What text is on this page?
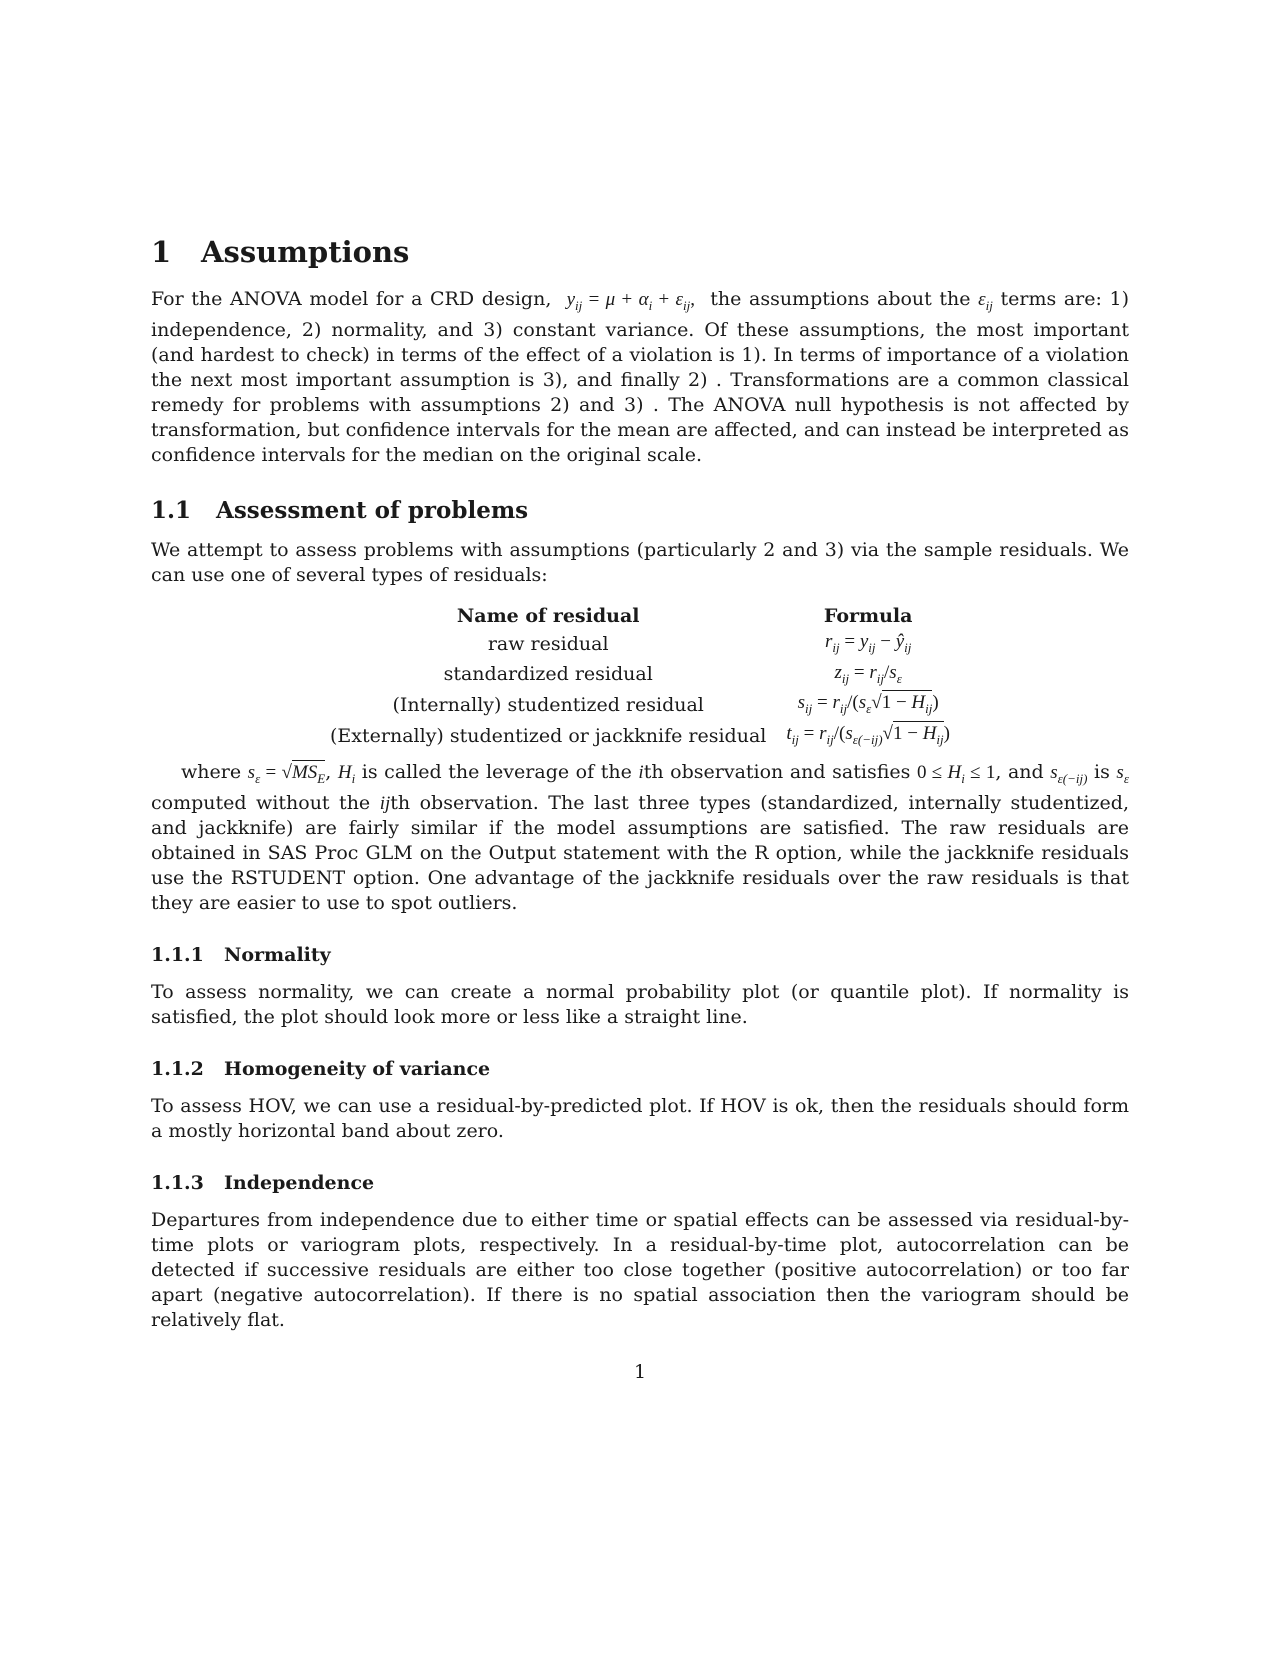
1 Assumptions

For the ANOVA model for a CRD design, $y_{ij} = \mu + \alpha_i + \varepsilon_{ij}$, the assumptions about the $\varepsilon_{ij}$ terms are: 1) independence, 2) normality, and 3) constant variance. Of these assumptions, the most important (and hardest to check) in terms of the effect of a violation is 1). In terms of importance of a violation the next most important assumption is 3), and finally 2) . Transformations are a common classical remedy for problems with assumptions 2) and 3) . The ANOVA null hypothesis is not affected by transformation, but confidence intervals for the mean are affected, and can instead be interpreted as confidence intervals for the median on the original scale.

1.1 Assessment of problems

We attempt to assess problems with assumptions (particularly 2 and 3) via the sample residuals. We can use one of several types of residuals:

Name of residual	Formula
raw residual	$r_{ij} = y_{ij}$ − $ŷ_{ij}$
standardized residual	$z_{ij} = r_{ij}/s_\varepsilon$
(Internally) studentized residual	$s_{ij} = r_{ij}/(s_\varepsilon√1 - H_{ij})$
(Externally) studentized or jackknife residual	$t_{ij} = r_{ij}/(s_{\varepsilon(-ij)}√1 - H_{ij})$

where $s_\varepsilon = √MS_E$, $H_i$ is called the leverage of the ith observation and satisfies $0 \le H_i \le 1$, and $s_{\varepsilon(-ij)}$ is $s_\varepsilon$ computed without the ijth observation. The last three types (standardized, internally studentized, and jackknife) are fairly similar if the model assumptions are satisfied. The raw residuals are obtained in SAS Proc GLM on the Output statement with the R option, while the jackknife residuals use the RSTUDENT option. One advantage of the jackknife residuals over the raw residuals is that they are easier to use to spot outliers.

1.1.1 Normality

To assess normality, we can create a normal probability plot (or quantile plot). If normality is satisfied, the plot should look more or less like a straight line.

1.1.2 Homogeneity of variance

To assess HOV, we can use a residual-by-predicted plot. If HOV is ok, then the residuals should form a mostly horizontal band about zero.

1.1.3 Independence

Departures from independence due to either time or spatial effects can be assessed via residual-by-time plots or variogram plots, respectively. In a residual-by-time plot, autocorrelation can be detected if successive residuals are either too close together (positive autocorrelation) or too far apart (negative autocorrelation). If there is no spatial association then the variogram should be relatively flat.

1
